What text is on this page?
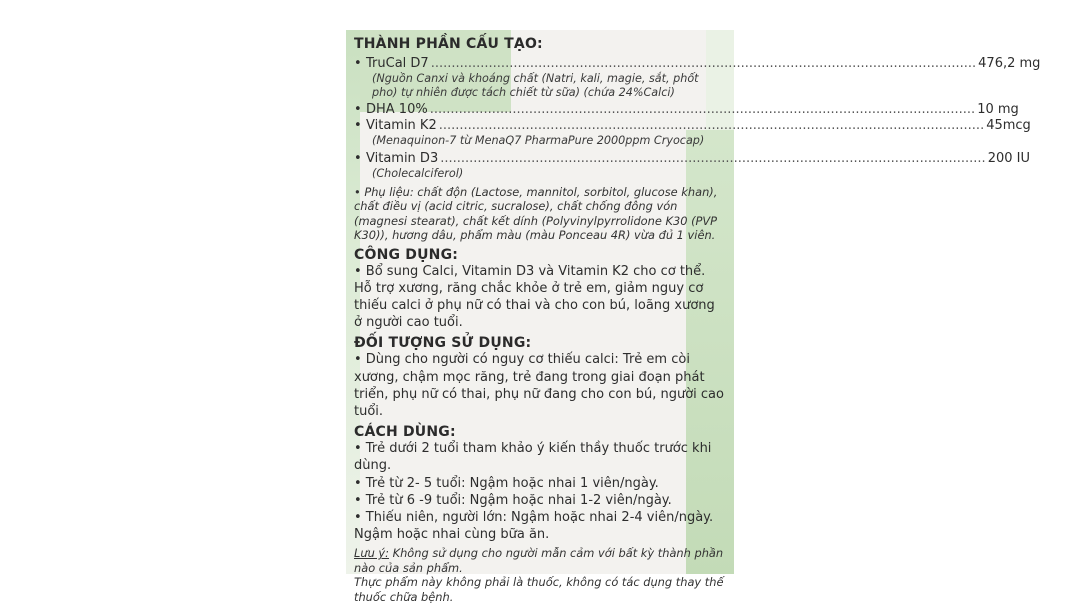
THÀNH PHẦN CẤU TẠO:

• TruCal D7 .....	476,2 mg
(Nguồn Canxi và khoáng chất (Natri, kali, magie, sắt, phốt pho) tự nhiên được tách chiết từ sữa) (chứa 24%Calci)
• DHA 10% .....	10 mg
• Vitamin K2 .....	45mcg
(Menaquinon-7 từ MenaQ7 PharmaPure 2000ppm Cryocap)
• Vitamin D3 .....	200 IU
(Cholecalciferol)
• Phụ liệu: chất độn (Lactose, mannitol, sorbitol, glucose khan), chất điều vị (acid citric, sucralose), chất chống đông vón (magnesi stearat), chất kết dính (Polyvinylpyrrolidone K30 (PVP K30)), hương dâu, phẩm màu (màu Ponceau 4R) vừa đủ 1 viên.

CÔNG DỤNG:

• Bổ sung Calci, Vitamin D3 và Vitamin K2 cho cơ thể. Hỗ trợ xương, răng chắc khỏe ở trẻ em, giảm nguy cơ thiếu calci ở phụ nữ có thai và cho con bú, loãng xương ở người cao tuổi.

ĐỐI TƯỢNG SỬ DỤNG:

• Dùng cho người có nguy cơ thiếu calci: Trẻ em còi xương, chậm mọc răng, trẻ đang trong giai đoạn phát triển, phụ nữ có thai, phụ nữ đang cho con bú, người cao tuổi.

CÁCH DÙNG:

• Trẻ dưới 2 tuổi tham khảo ý kiến thầy thuốc trước khi dùng.

• Trẻ từ 2- 5 tuổi: Ngậm hoặc nhai 1 viên/ngày.

• Trẻ từ 6 -9 tuổi: Ngậm hoặc nhai 1-2 viên/ngày.

• Thiếu niên, người lớn: Ngậm hoặc nhai 2-4 viên/ngày. Ngậm hoặc nhai cùng bữa ăn.

Lưu ý: Không sử dụng cho người mẫn cảm với bất kỳ thành phần nào của sản phẩm.
Thực phẩm này không phải là thuốc, không có tác dụng thay thế thuốc chữa bệnh.
